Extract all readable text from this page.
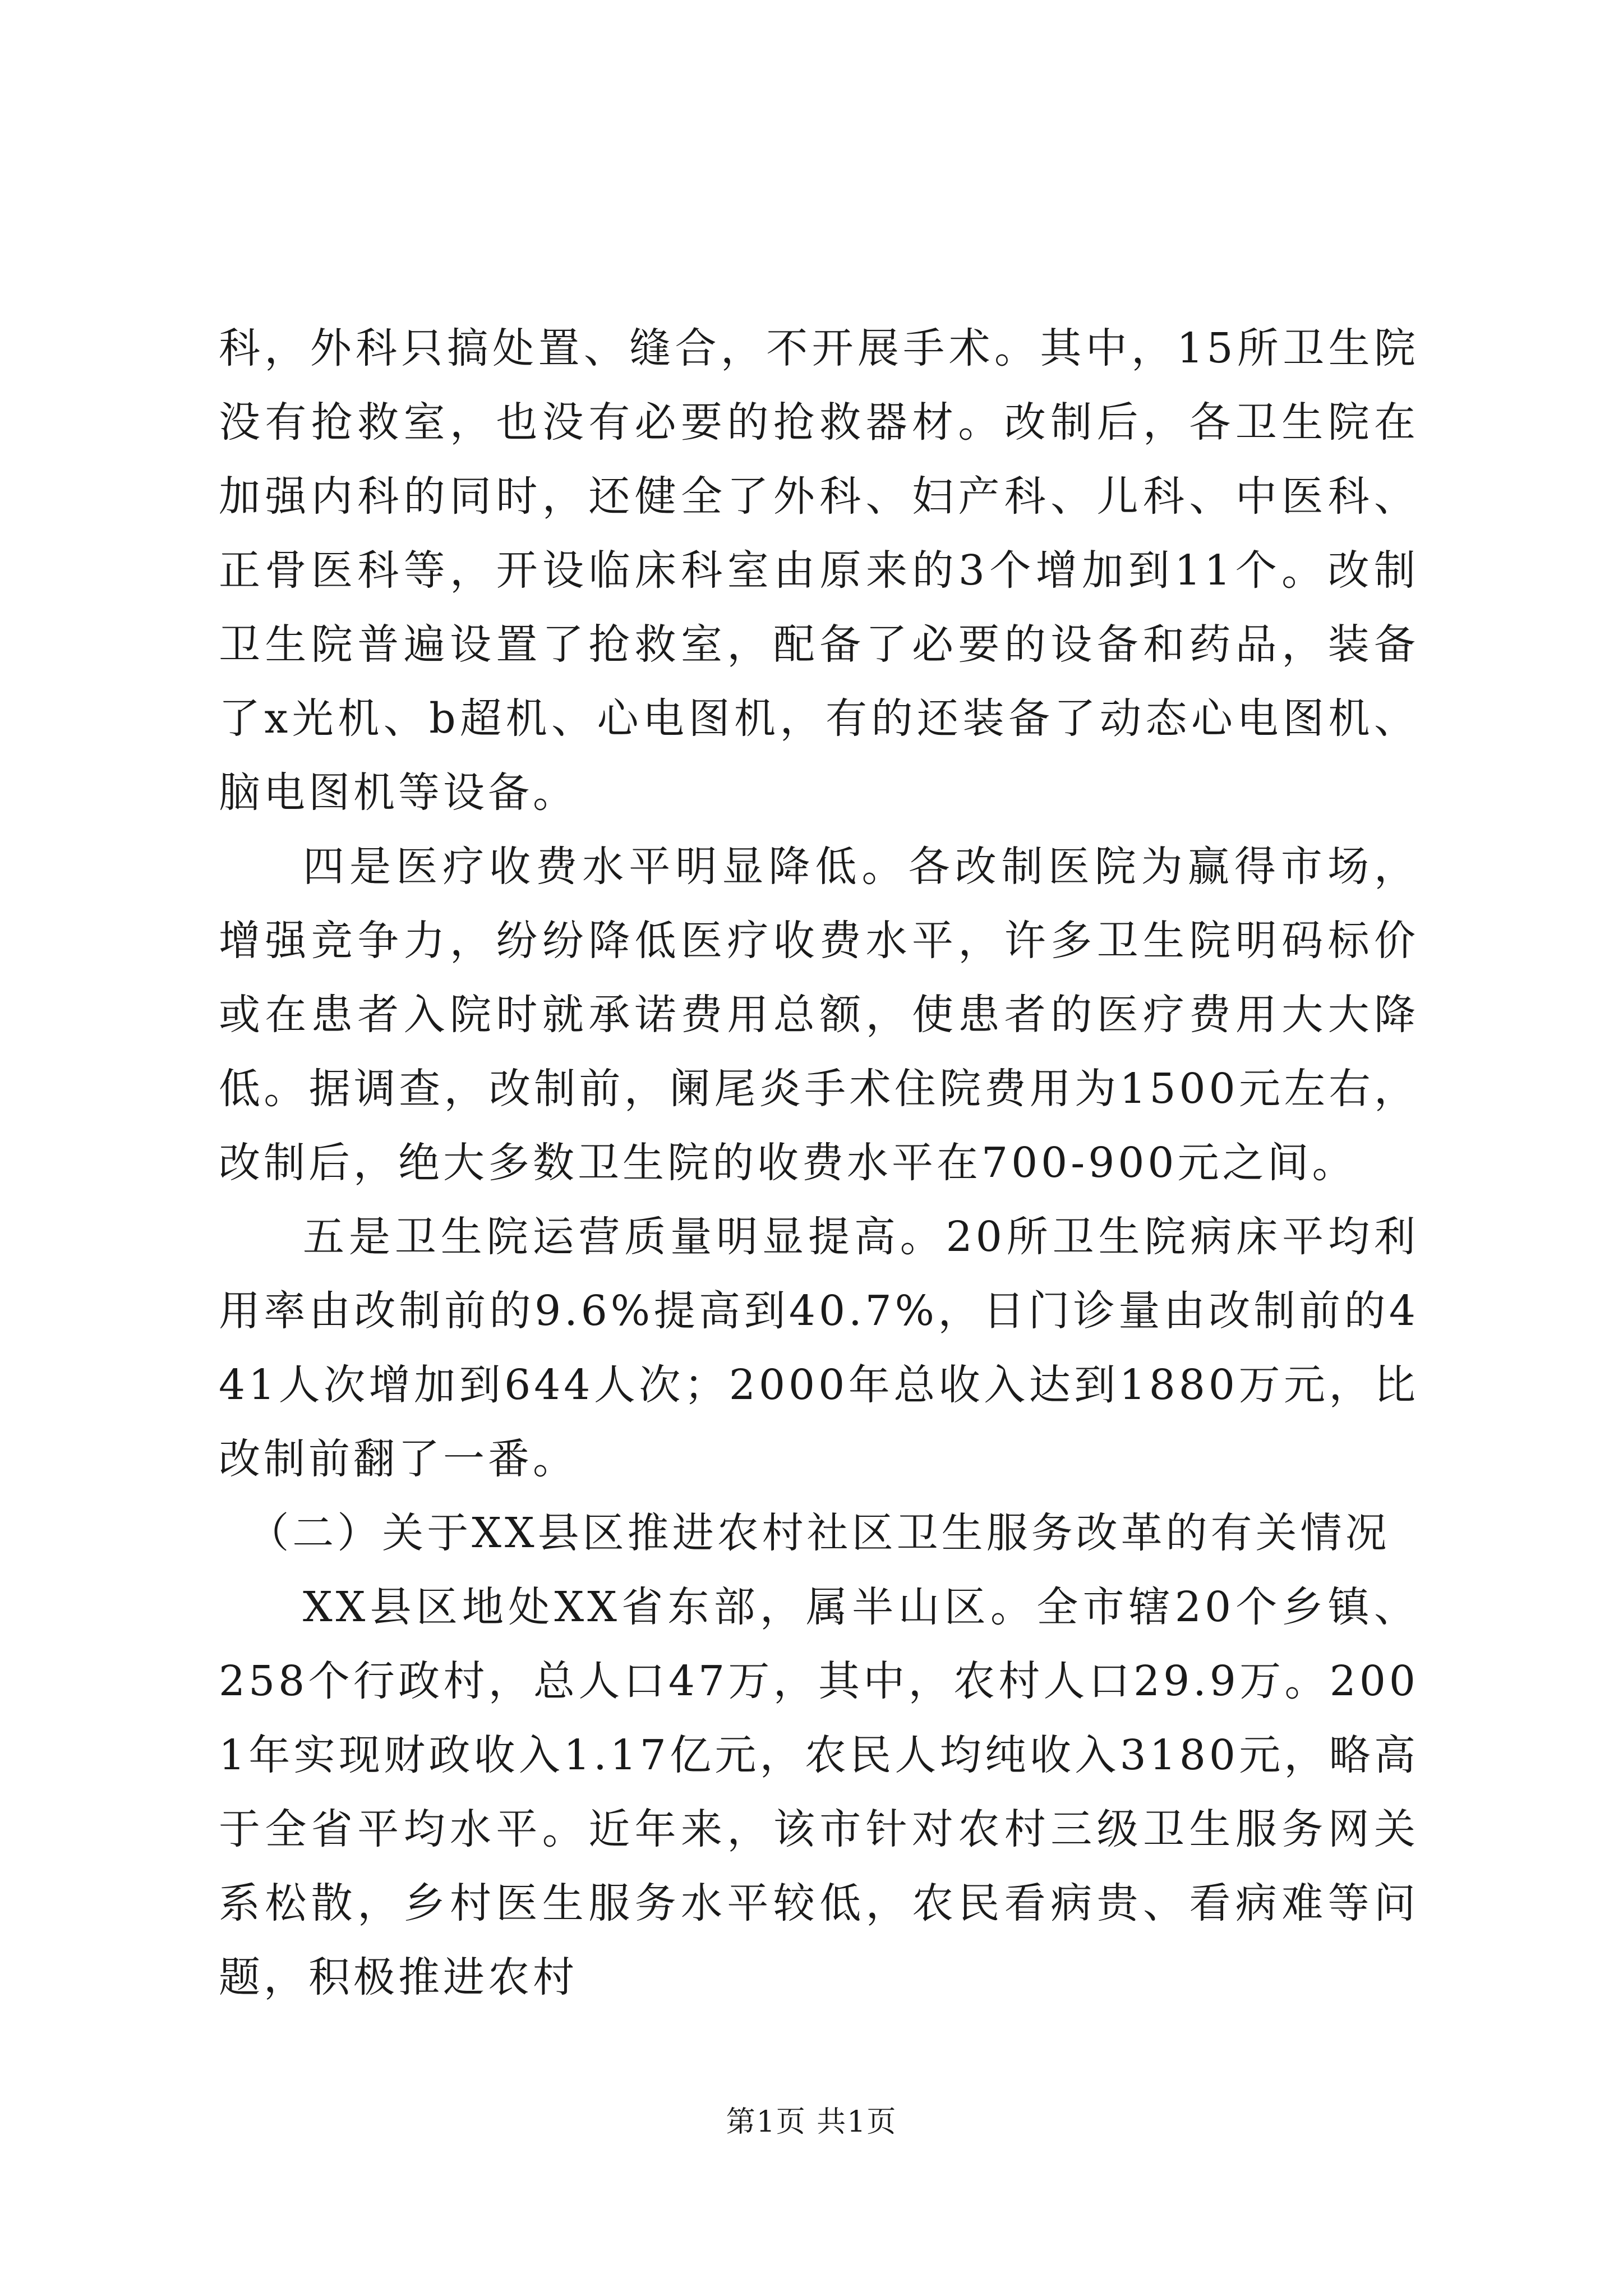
科，外科只搞处置、缝合，不开展手术。其中，15所卫生院没有抢救室，也没有必要的抢救器材。改制后，各卫生院在加强内科的同时，还健全了外科、妇产科、儿科、中医科、正骨医科等，开设临床科室由原来的3个增加到11个。改制卫生院普遍设置了抢救室，配备了必要的设备和药品，装备了x光机、b超机、心电图机，有的还装备了动态心电图机、脑电图机等设备。

四是医疗收费水平明显降低。各改制医院为赢得市场，增强竞争力，纷纷降低医疗收费水平，许多卫生院明码标价或在患者入院时就承诺费用总额，使患者的医疗费用大大降低。据调查，改制前，阑尾炎手术住院费用为1500元左右，改制后，绝大多数卫生院的收费水平在700-900元之间。

五是卫生院运营质量明显提高。20所卫生院病床平均利用率由改制前的9.6%提高到40.7%，日门诊量由改制前的441人次增加到644人次；2000年总收入达到1880万元，比改制前翻了一番。

（二）关于XX县区推进农村社区卫生服务改革的有关情况

XX县区地处XX省东部，属半山区。全市辖20个乡镇、258个行政村，总人口47万，其中，农村人口29.9万。2001年实现财政收入1.17亿元，农民人均纯收入3180元，略高于全省平均水平。近年来，该市针对农村三级卫生服务网关系松散，乡村医生服务水平较低，农民看病贵、看病难等问题，积极推进农村

第1页 共1页
